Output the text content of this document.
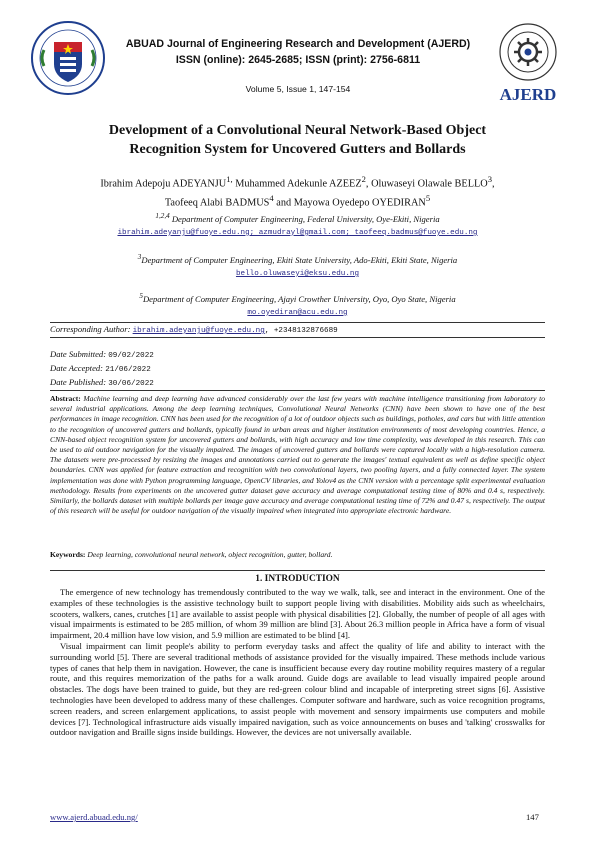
ABUAD Journal of Engineering Research and Development (AJERD)
ISSN (online): 2645-2685; ISSN (print): 2756-6811
Volume 5, Issue 1, 147-154	AJERD
Development of a Convolutional Neural Network-Based Object
Recognition System for Uncovered Gutters and Bollards
Ibrahim Adepoju $ADEYANJU^{1,}$ Muhammed Adekunle AZEEZ$^2$, Oluwaseyi Olawale BELLO$^3$,
Taofeeq Alabi BADMUS$^4$ and Mayowa Oyedepo OYEDIRAN$^5$
$^{1,2,4}$ Department of Computer Engineering, Federal University, Oye-Ekiti, Nigeria
ibrahim.adeyanju@fuoye.edu.ng; azmudrayl@gmail.com; taofeeq.badmus@fuoye.edu.ng
$^3$Department of Computer Engineering, Ekiti State University, Ado-Ekiti, Ekiti State, Nigeria
bello.oluwaseyi@eksu.edu.ng
$^5$Department of Computer Engineering, Ajayi Crowther University, Oyo, Oyo State, Nigeria
mo.oyediran@acu.edu.ng
Corresponding Author: ibrahim.adeyanju@fuoye.edu.ng, +2348132876689
Date Submitted: 09/02/2022
Date Accepted: 21/06/2022
Date Published: 30/06/2022
Abstract: Machine learning and deep learning have advanced considerably over the last few years with machine intelligence transitioning from laboratory to several industrial applications. Among the deep learning techniques, Convolutional Neural Networks (CNN) have been shown to have one of the best performances in image recognition. CNN has been used for the recognition of a lot of outdoor objects such as buildings, potholes, and cars but with little attention to the recognition of uncovered gutters and bollards, typically found in urban areas and higher institution environments of most developing countries. Hence, a CNN-based object recognition system for uncovered gutters and bollards, with high accuracy and low time complexity, was developed in this research. This can be used to aid outdoor navigation for the visually impaired. The images of uncovered gutters and bollards were captured locally with a high-resolution camera. The datasets were pre-processed by resizing the images and annotations carried out to generate the images' textual equivalent as well as define specific object boundaries. CNN was applied for feature extraction and recognition with two convolutional layers, two pooling layers, and a fully connected layer. The system implementation was done with Python programming language, OpenCV libraries, and Yolov4 as the CNN version with a percentage split experimental evaluation methodology. Results from experiments on the uncovered gutter dataset gave accuracy and average computational testing time of 80% and 0.4 s, respectively. Similarly, the bollards dataset with multiple bollards per image gave accuracy and average computational testing time of 72% and 0.47 s, respectively. The output of this research will be useful for outdoor navigation of the visually impaired when integrated into appropriate electronic hardware.
Keywords: Deep learning, convolutional neural network, object recognition, gutter, bollard.
1. INTRODUCTION

The emergence of new technology has tremendously contributed to the way we walk, talk, see and interact in the environment. One of the examples of these technologies is the assistive technology built to support people living with disabilities. Mobility aids such as wheelchairs, scooters, walkers, canes, crutches [1] are available to assist people with physical disabilities [2]. Globally, the number of people of all ages with visual impairments is estimated to be 285 million, of whom 39 million are blind [3]. About 26.3 million people in Africa have a form of visual impairment, 20.4 million have low vision, and 5.9 million are estimated to be blind [4].

Visual impairment can limit people's ability to perform everyday tasks and affect the quality of life and ability to interact with the surrounding world [5]. There are several traditional methods of assistance provided for the visually impaired. These methods include various types of canes that help them in navigation. However, the cane is insufficient because every day routine mobility requires mastery of a regular route, and this requires memorization of the paths for a walk around. Guide dogs are available to lead visually impaired people around obstacles. The dogs have been trained to guide, but they are red-green colour blind and incapable of interpreting street signs [6]. Assistive technologies have been developed to address many of these challenges. Computer software and hardware, such as voice recognition programs, screen readers, and screen enlargement applications, to assist people with movement and sensory impairments use computers and mobile devices [7]. Technological infrastructure aids visually impaired navigation, such as voice announcements on buses and 'talking' crosswalks for outdoor navigation and Braille signs inside buildings. However, the devices are not universally available.

www.ajerd.abuad.edu.ng/	147
